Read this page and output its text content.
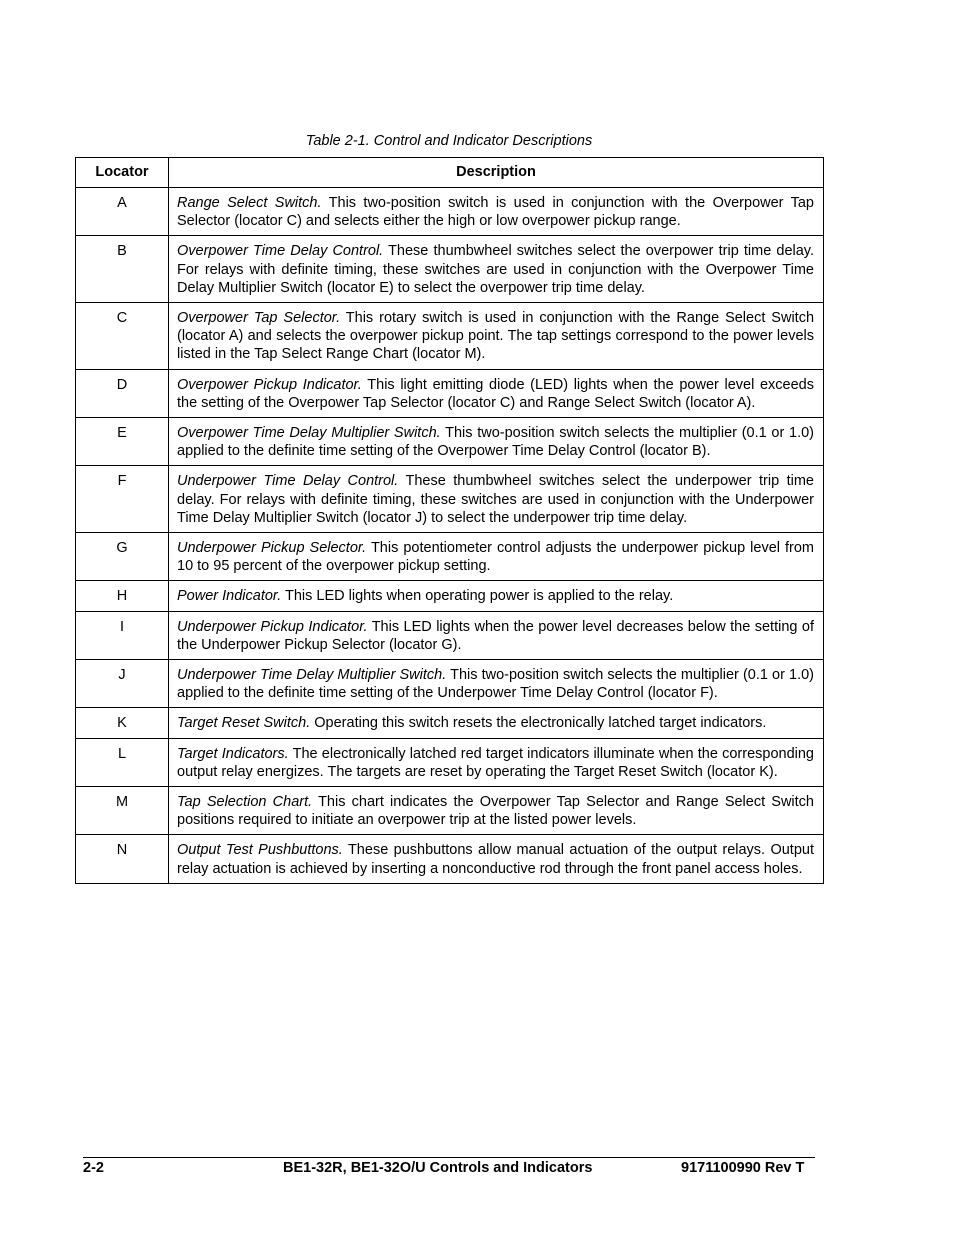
Table 2-1. Control and Indicator Descriptions
Locator	Description
A	Range Select Switch. This two-position switch is used in conjunction with the Overpower Tap Selector (locator C) and selects either the high or low overpower pickup range.
B	Overpower Time Delay Control. These thumbwheel switches select the overpower trip time delay. For relays with definite timing, these switches are used in conjunction with the Overpower Time Delay Multiplier Switch (locator E) to select the overpower trip time delay.
C	Overpower Tap Selector. This rotary switch is used in conjunction with the Range Select Switch (locator A) and selects the overpower pickup point. The tap settings correspond to the power levels listed in the Tap Select Range Chart (locator M).
D	Overpower Pickup Indicator. This light emitting diode (LED) lights when the power level exceeds the setting of the Overpower Tap Selector (locator C) and Range Select Switch (locator A).
E	Overpower Time Delay Multiplier Switch. This two-position switch selects the multiplier (0.1 or 1.0) applied to the definite time setting of the Overpower Time Delay Control (locator B).
F	Underpower Time Delay Control. These thumbwheel switches select the underpower trip time delay. For relays with definite timing, these switches are used in conjunction with the Underpower Time Delay Multiplier Switch (locator J) to select the underpower trip time delay.
G	Underpower Pickup Selector. This potentiometer control adjusts the underpower pickup level from 10 to 95 percent of the overpower pickup setting.
H	Power Indicator. This LED lights when operating power is applied to the relay.
I	Underpower Pickup Indicator. This LED lights when the power level decreases below the setting of the Underpower Pickup Selector (locator G).
J	Underpower Time Delay Multiplier Switch. This two-position switch selects the multiplier (0.1 or 1.0) applied to the definite time setting of the Underpower Time Delay Control (locator F).
K	Target Reset Switch. Operating this switch resets the electronically latched target indicators.
L	Target Indicators. The electronically latched red target indicators illuminate when the corresponding output relay energizes. The targets are reset by operating the Target Reset Switch (locator K).
M	Tap Selection Chart. This chart indicates the Overpower Tap Selector and Range Select Switch positions required to initiate an overpower trip at the listed power levels.
N	Output Test Pushbuttons. These pushbuttons allow manual actuation of the output relays. Output relay actuation is achieved by inserting a nonconductive rod through the front panel access holes.
2-2	BE1-32R, BE1-32O/U Controls and Indicators	9171100990 Rev T
